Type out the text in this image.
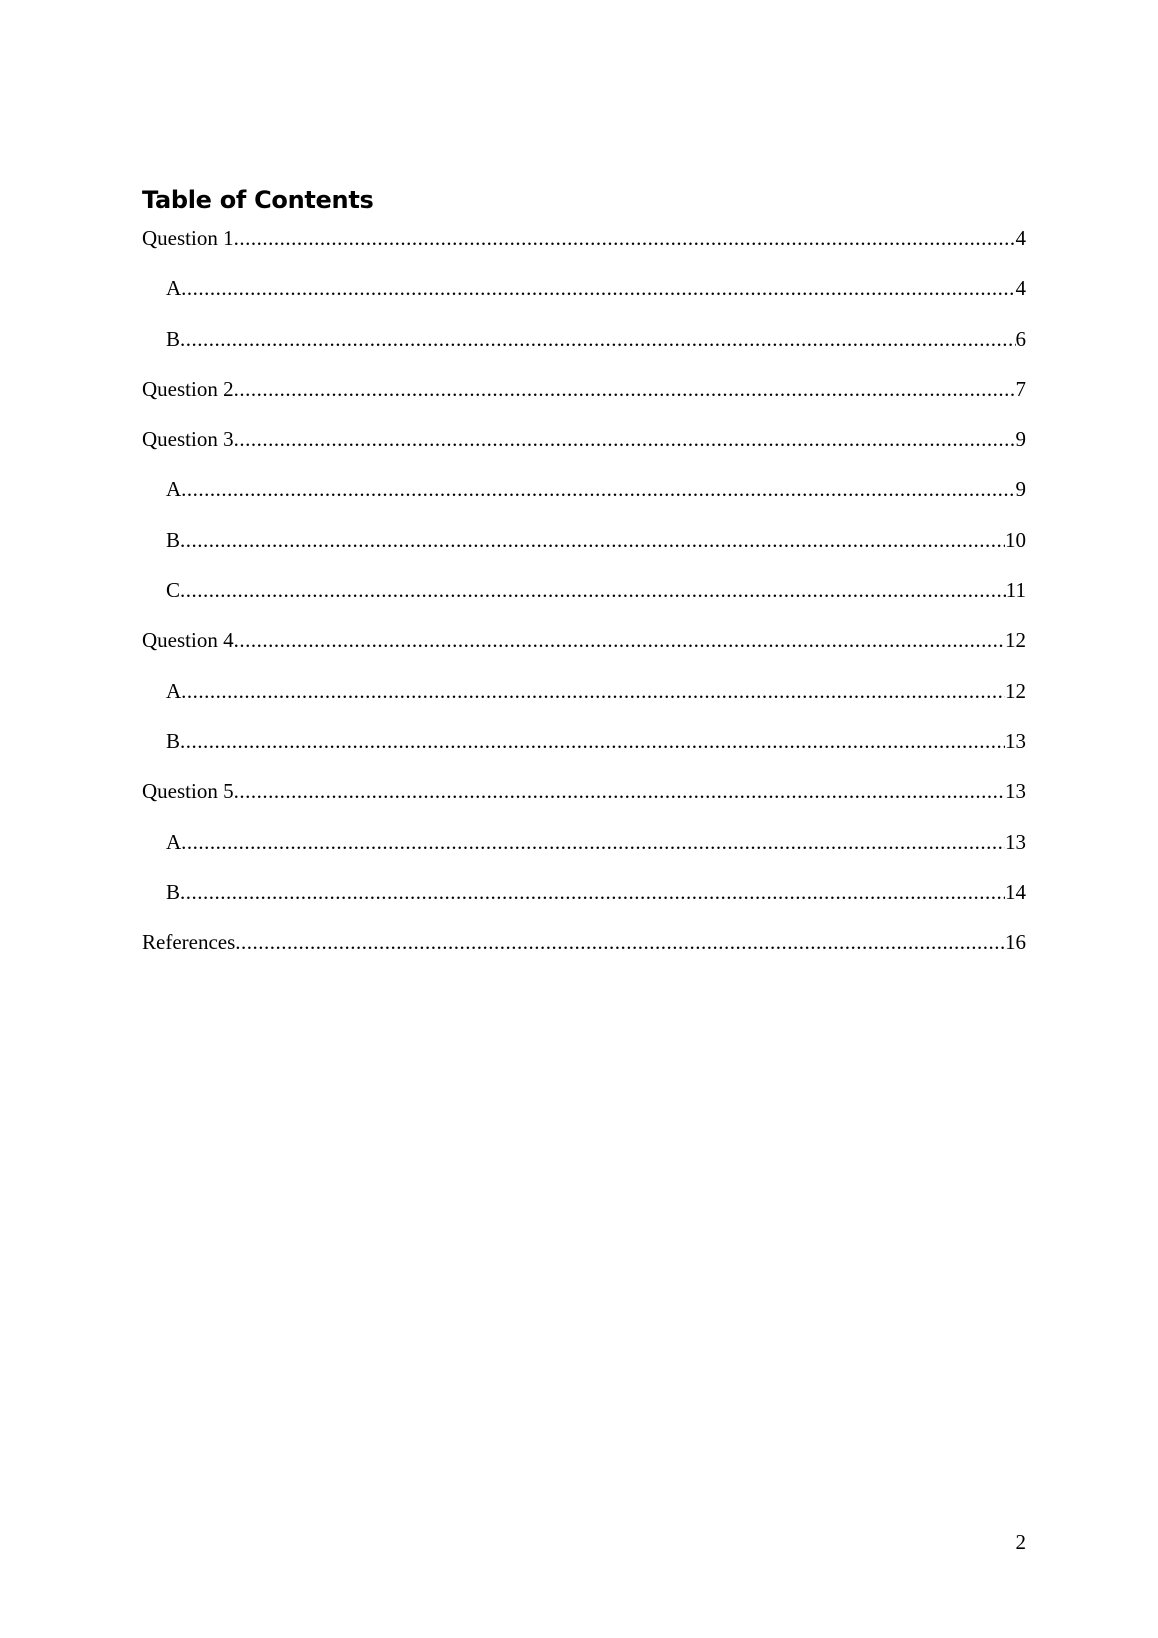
Table of Contents
Question 1 .....	4
A .....	4
B .....	6
Question 2 .....	7
Question 3 .....	9
A .....	9
B .....	10
C .....	11
Question 4 .....	12
A .....	12
B .....	13
Question 5 .....	13
A .....	13
B .....	14
References .....	16
2
